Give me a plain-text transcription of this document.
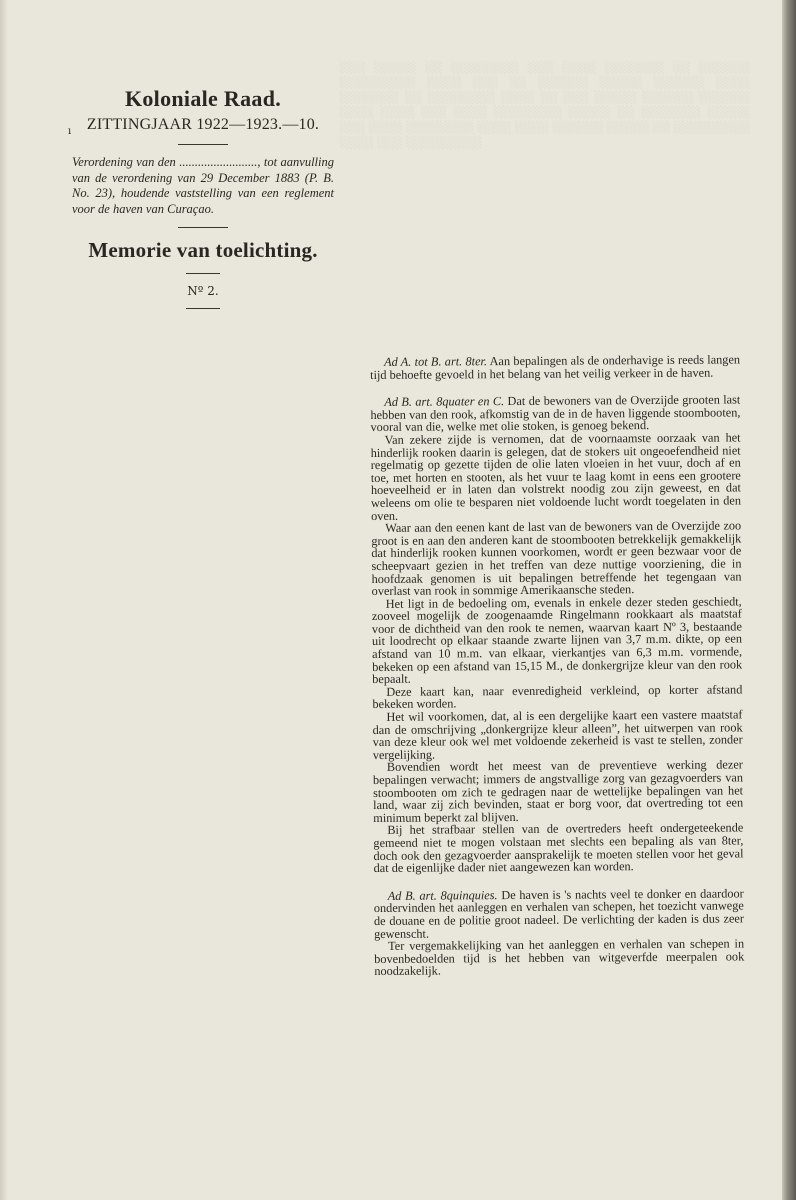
░░░ ░░░░░ ░░ ░░░░░░░░ ░░░ ░░░░ ░░░░░░░ ░░ ░░░░░░ ░░░░░░░░░ ░░░░ ░░░ ░░ ░░░░░░ ░░░░░ ░░░░░░ ░░░░ ░░░░░░░ ░░ ░░░░░░░░ ░░░░ ░░ ░░░ ░░░░░ ░░░░░░ ░░░░░░ ░░░░ ░░░░ ░░░ ░░░░ ░░░░░░░░ ░░░░░ ░░ ░░░░░░░ ░░░░░ ░░░ ░░░░ ░░░░░░░░ ░░░░ ░░░░ ░░░░░░ ░░░░░ ░░ ░░░░░░░░░ ░░░░ ░░░ ░░░░░░░░░
ı
Koloniale Raad.

ZITTINGJAAR 1922—1923.—10.

Verordening van den ........................., tot aanvulling van de verordening van 29 December 1883 (P. B. No. 23), houdende vaststelling van een reglement voor de haven van Curaçao.

Memorie van toelichting.

Nº 2.

Ad A. tot B. art. 8ter. Aan bepalingen als de onderhavige is reeds langen tijd behoefte gevoeld in het belang van het veilig verkeer in de haven.

Ad B. art. 8quater en C. Dat de bewoners van de Overzijde grooten last hebben van den rook, afkomstig van de in de haven liggende stoombooten, vooral van die, welke met olie stoken, is genoeg bekend.

Van zekere zijde is vernomen, dat de voornaamste oorzaak van het hinderlijk rooken daarin is gelegen, dat de stokers uit ongeoefendheid niet regelmatig op gezette tijden de olie laten vloeien in het vuur, doch af en toe, met horten en stooten, als het vuur te laag komt in eens een grootere hoeveelheid er in laten dan volstrekt noodig zou zijn geweest, en dat weleens om olie te besparen niet voldoende lucht wordt toegelaten in den oven.

Waar aan den eenen kant de last van de bewoners van de Overzijde zoo groot is en aan den anderen kant de stoombooten betrekkelijk gemakkelijk dat hinderlijk rooken kunnen voorkomen, wordt er geen bezwaar voor de scheepvaart gezien in het treffen van deze nuttige voorziening, die in hoofdzaak genomen is uit bepalingen betreffende het tegengaan van overlast van rook in sommige Amerikaansche steden.

Het ligt in de bedoeling om, evenals in enkele dezer steden geschiedt, zooveel mogelijk de zoogenaamde Ringelmann rookkaart als maatstaf voor de dichtheid van den rook te nemen, waarvan kaart Nº 3, bestaande uit loodrecht op elkaar staande zwarte lijnen van 3,7 m.m. dikte, op een afstand van 10 m.m. van elkaar, vierkantjes van 6,3 m.m. vormende, bekeken op een afstand van 15,15 M., de donkergrijze kleur van den rook bepaalt.

Deze kaart kan, naar evenredigheid verkleind, op korter afstand bekeken worden.

Het wil voorkomen, dat, al is een dergelijke kaart een vastere maatstaf dan de omschrijving „donkergrijze kleur alleen”, het uitwerpen van rook van deze kleur ook wel met voldoende zekerheid is vast te stellen, zonder vergelijking.

Bovendien wordt het meest van de preventieve werking dezer bepalingen verwacht; immers de angstvallige zorg van gezagvoerders van stoombooten om zich te gedragen naar de wettelijke bepalingen van het land, waar zij zich bevinden, staat er borg voor, dat overtreding tot een minimum beperkt zal blijven.

Bij het strafbaar stellen van de overtreders heeft ondergeteekende gemeend niet te mogen volstaan met slechts een bepaling als van 8ter, doch ook den gezagvoerder aansprakelijk te moeten stellen voor het geval dat de eigenlijke dader niet aangewezen kan worden.

Ad B. art. 8quinquies. De haven is 's nachts veel te donker en daardoor ondervinden het aanleggen en verhalen van schepen, het toezicht vanwege de douane en de politie groot nadeel. De verlichting der kaden is dus zeer gewenscht.

Ter vergemakkelijking van het aanleggen en verhalen van schepen in bovenbedoelden tijd is het hebben van witgeverfde meerpalen ook noodzakelijk.
